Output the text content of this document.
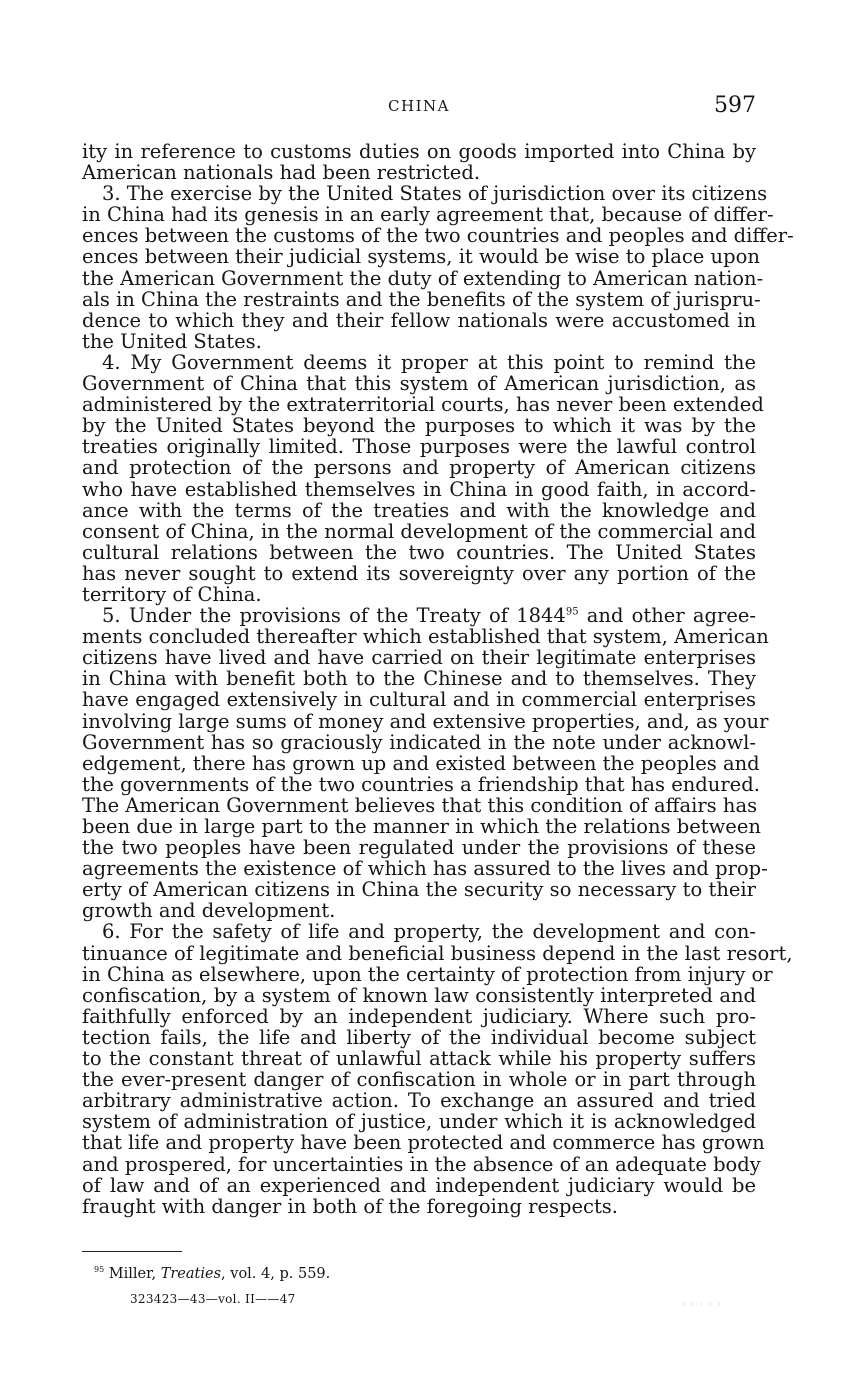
CHINA	597
ity in reference to customs duties on goods imported into China by
American nationals had been restricted.
3. The exercise by the United States of jurisdiction over its citizens
in China had its genesis in an early agreement that, because of differ-
ences between the customs of the two countries and peoples and differ-
ences between their judicial systems, it would be wise to place upon
the American Government the duty of extending to American nation-
als in China the restraints and the benefits of the system of jurispru-
dence to which they and their fellow nationals were accustomed in
the United States.
4. My Government deems it proper at this point to remind the
Government of China that this system of American jurisdiction, as
administered by the extraterritorial courts, has never been extended
by the United States beyond the purposes to which it was by the
treaties originally limited. Those purposes were the lawful control
and protection of the persons and property of American citizens
who have established themselves in China in good faith, in accord-
ance with the terms of the treaties and with the knowledge and
consent of China, in the normal development of the commercial and
cultural relations between the two countries. The United States
has never sought to extend its sovereignty over any portion of the
territory of China.
5. Under the provisions of the Treaty of 1844$^{95}$ and other agree-
ments concluded thereafter which established that system, American
citizens have lived and have carried on their legitimate enterprises
in China with benefit both to the Chinese and to themselves. They
have engaged extensively in cultural and in commercial enterprises
involving large sums of money and extensive properties, and, as your
Government has so graciously indicated in the note under acknowl-
edgement, there has grown up and existed between the peoples and
the governments of the two countries a friendship that has endured.
The American Government believes that this condition of affairs has
been due in large part to the manner in which the relations between
the two peoples have been regulated under the provisions of these
agreements the existence of which has assured to the lives and prop-
erty of American citizens in China the security so necessary to their
growth and development.
6. For the safety of life and property, the development and con-
tinuance of legitimate and beneficial business depend in the last resort,
in China as elsewhere, upon the certainty of protection from injury or
confiscation, by a system of known law consistently interpreted and
faithfully enforced by an independent judiciary. Where such pro-
tection fails, the life and liberty of the individual become subject
to the constant threat of unlawful attack while his property suffers
the ever-present danger of confiscation in whole or in part through
arbitrary administrative action. To exchange an assured and tried
system of administration of justice, under which it is acknowledged
that life and property have been protected and commerce has grown
and prospered, for uncertainties in the absence of an adequate body
of law and of an experienced and independent judiciary would be
fraught with danger in both of the foregoing respects.
$^{95}$ Miller, Treaties, vol. 4, p. 559.
323423—43—vol. II——47	· · · · ·
